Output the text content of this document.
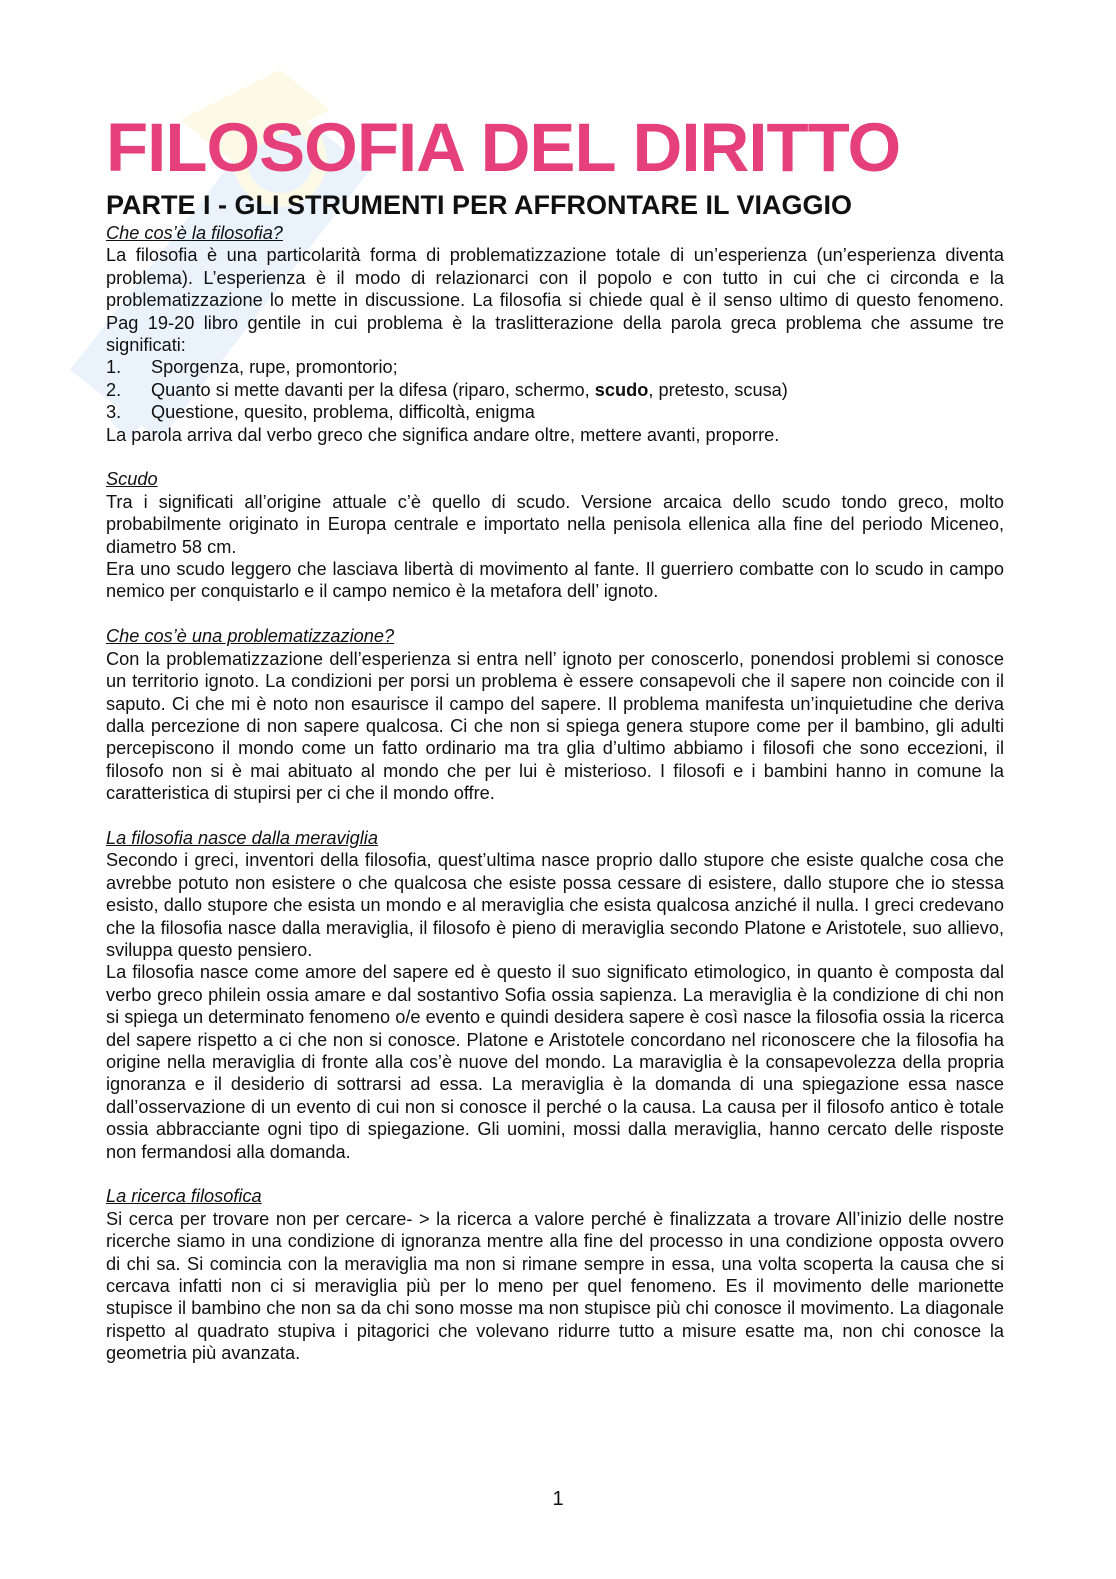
FILOSOFIA DEL DIRITTO
PARTE I - GLI STRUMENTI PER AFFRONTARE IL VIAGGIO
Che cos’è la filosofia?

La filosofia è una particolarità forma di problematizzazione totale di un’esperienza (un’esperienza diventa problema). L’esperienza è il modo di relazionarci con il popolo e con tutto in cui che ci circonda e la problematizzazione lo mette in discussione. La filosofia si chiede qual è il senso ultimo di questo fenomeno. Pag 19-20 libro gentile in cui problema è la traslitterazione della parola greca problema che assume tre significati:

1.	Sporgenza, rupe, promontorio;
2.	Quanto si mette davanti per la difesa (riparo, schermo, scudo, pretesto, scusa)
3.	Questione, quesito, problema, difficoltà, enigma

La parola arriva dal verbo greco che significa andare oltre, mettere avanti, proporre.

Scudo

Tra i significati all’origine attuale c’è quello di scudo. Versione arcaica dello scudo tondo greco, molto probabilmente originato in Europa centrale e importato nella penisola ellenica alla fine del periodo Miceneo, diametro 58 cm.

Era uno scudo leggero che lasciava libertà di movimento al fante. Il guerriero combatte con lo scudo in campo nemico per conquistarlo e il campo nemico è la metafora dell’ ignoto.

Che cos’è una problematizzazione?

Con la problematizzazione dell’esperienza si entra nell’ ignoto per conoscerlo, ponendosi problemi si conosce un territorio ignoto. La condizioni per porsi un problema è essere consapevoli che il sapere non coincide con il saputo. Ci che mi è noto non esaurisce il campo del sapere. Il problema manifesta un’inquietudine che deriva dalla percezione di non sapere qualcosa. Ci che non si spiega genera stupore come per il bambino, gli adulti percepiscono il mondo come un fatto ordinario ma tra glia d’ultimo abbiamo i filosofi che sono eccezioni, il filosofo non si è mai abituato al mondo che per lui è misterioso. I filosofi e i bambini hanno in comune la caratteristica di stupirsi per ci che il mondo offre.

La filosofia nasce dalla meraviglia

Secondo i greci, inventori della filosofia, quest’ultima nasce proprio dallo stupore che esiste qualche cosa che avrebbe potuto non esistere o che qualcosa che esiste possa cessare di esistere, dallo stupore che io stessa esisto, dallo stupore che esista un mondo e al meraviglia che esista qualcosa anziché il nulla. I greci credevano che la filosofia nasce dalla meraviglia, il filosofo è pieno di meraviglia secondo Platone e Aristotele, suo allievo, sviluppa questo pensiero.

La filosofia nasce come amore del sapere ed è questo il suo significato etimologico, in quanto è composta dal verbo greco philein ossia amare e dal sostantivo Sofia ossia sapienza. La meraviglia è la condizione di chi non si spiega un determinato fenomeno o/e evento e quindi desidera sapere è così nasce la filosofia ossia la ricerca del sapere rispetto a ci che non si conosce. Platone e Aristotele concordano nel riconoscere che la filosofia ha origine nella meraviglia di fronte alla cos’è nuove del mondo. La maraviglia è la consapevolezza della propria ignoranza e il desiderio di sottrarsi ad essa. La meraviglia è la domanda di una spiegazione essa nasce dall’osservazione di un evento di cui non si conosce il perché o la causa. La causa per il filosofo antico è totale ossia abbracciante ogni tipo di spiegazione. Gli uomini, mossi dalla meraviglia, hanno cercato delle risposte non fermandosi alla domanda.

La ricerca filosofica

Si cerca per trovare non per cercare- > la ricerca a valore perché è finalizzata a trovare All’inizio delle nostre ricerche siamo in una condizione di ignoranza mentre alla fine del processo in una condizione opposta ovvero di chi sa. Si comincia con la meraviglia ma non si rimane sempre in essa, una volta scoperta la causa che si cercava infatti non ci si meraviglia più per lo meno per quel fenomeno. Es il movimento delle marionette stupisce il bambino che non sa da chi sono mosse ma non stupisce più chi conosce il movimento. La diagonale rispetto al quadrato stupiva i pitagorici che volevano ridurre tutto a misure esatte ma, non chi conosce la geometria più avanzata.

1
